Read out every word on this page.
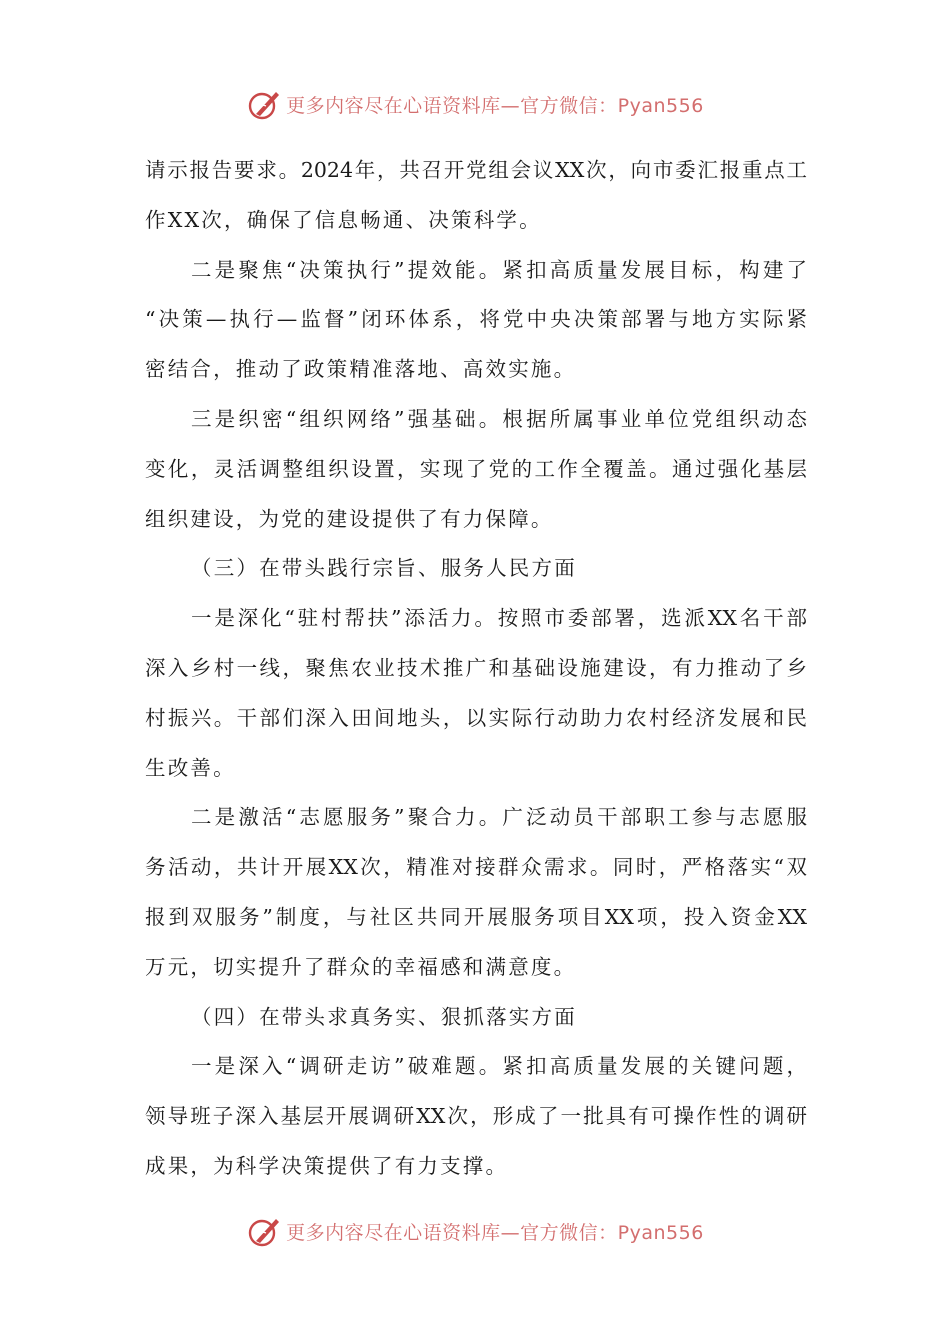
更多内容尽在心语资料库—官方微信：Pyan556
请示报告要求。2024年，共召开党组会议XX次，向市委汇报重点工
作XX次，确保了信息畅通、决策科学。
二是聚焦“决策执行”提效能。紧扣高质量发展目标，构建了
“决策—执行—监督”闭环体系，将党中央决策部署与地方实际紧
密结合，推动了政策精准落地、高效实施。
三是织密“组织网络”强基础。根据所属事业单位党组织动态
变化，灵活调整组织设置，实现了党的工作全覆盖。通过强化基层
组织建设，为党的建设提供了有力保障。
（三）在带头践行宗旨、服务人民方面
一是深化“驻村帮扶”添活力。按照市委部署，选派XX名干部
深入乡村一线，聚焦农业技术推广和基础设施建设，有力推动了乡
村振兴。干部们深入田间地头，以实际行动助力农村经济发展和民
生改善。
二是激活“志愿服务”聚合力。广泛动员干部职工参与志愿服
务活动，共计开展XX次，精准对接群众需求。同时，严格落实“双
报到双服务”制度，与社区共同开展服务项目XX项，投入资金XX
万元，切实提升了群众的幸福感和满意度。
（四）在带头求真务实、狠抓落实方面
一是深入“调研走访”破难题。紧扣高质量发展的关键问题，
领导班子深入基层开展调研XX次，形成了一批具有可操作性的调研
成果，为科学决策提供了有力支撑。
更多内容尽在心语资料库—官方微信：Pyan556
